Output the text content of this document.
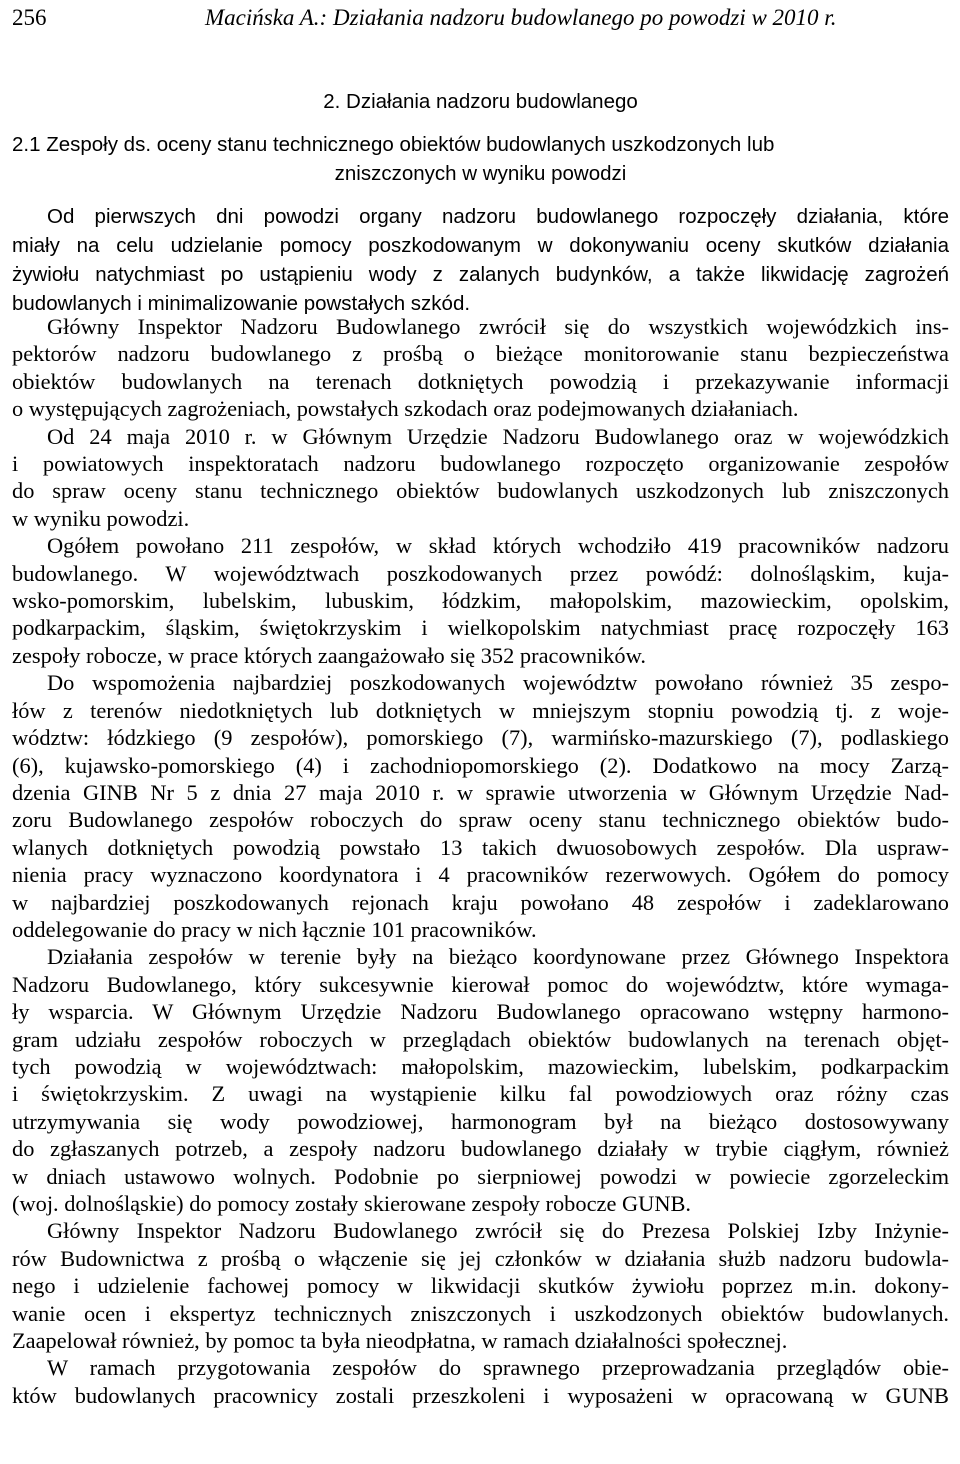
256	Macińska A.: Działania nadzoru budowlanego po powodzi w 2010 r.
2. Działania nadzoru budowlanego
2.1 Zespoły ds. oceny stanu technicznego obiektów budowlanych uszkodzonych lub
zniszczonych w wyniku powodzi
Od pierwszych dni powodzi organy nadzoru budowlanego rozpoczęły działania, które
miały na celu udzielanie pomocy poszkodowanym w dokonywaniu oceny skutków działania
żywiołu natychmiast po ustąpieniu wody z zalanych budynków, a także likwidację zagrożeń
budowlanych i minimalizowanie powstałych szkód.

Główny Inspektor Nadzoru Budowlanego zwrócił się do wszystkich wojewódzkich ins-
pektorów nadzoru budowlanego z prośbą o bieżące monitorowanie stanu bezpieczeństwa
obiektów budowlanych na terenach dotkniętych powodzią i przekazywanie informacji
o występujących zagrożeniach, powstałych szkodach oraz podejmowanych działaniach.

Od 24 maja 2010 r. w Głównym Urzędzie Nadzoru Budowlanego oraz w wojewódzkich
i powiatowych inspektoratach nadzoru budowlanego rozpoczęto organizowanie zespołów
do spraw oceny stanu technicznego obiektów budowlanych uszkodzonych lub zniszczonych
w wyniku powodzi.

Ogółem powołano 211 zespołów, w skład których wchodziło 419 pracowników nadzoru
budowlanego. W województwach poszkodowanych przez powódź: dolnośląskim, kuja-
wsko-pomorskim, lubelskim, lubuskim, łódzkim, małopolskim, mazowieckim, opolskim,
podkarpackim, śląskim, świętokrzyskim i wielkopolskim natychmiast pracę rozpoczęły 163
zespoły robocze, w prace których zaangażowało się 352 pracowników.

Do wspomożenia najbardziej poszkodowanych województw powołano również 35 zespo-
łów z terenów niedotkniętych lub dotkniętych w mniejszym stopniu powodzią tj. z woje-
wództw: łódzkiego (9 zespołów), pomorskiego (7), warmińsko-mazurskiego (7), podlaskiego
(6), kujawsko-pomorskiego (4) i zachodniopomorskiego (2). Dodatkowo na mocy Zarzą-
dzenia GINB Nr 5 z dnia 27 maja 2010 r. w sprawie utworzenia w Głównym Urzędzie Nad-
zoru Budowlanego zespołów roboczych do spraw oceny stanu technicznego obiektów budo-
wlanych dotkniętych powodzią powstało 13 takich dwuosobowych zespołów. Dla uspraw-
nienia pracy wyznaczono koordynatora i 4 pracowników rezerwowych. Ogółem do pomocy
w najbardziej poszkodowanych rejonach kraju powołano 48 zespołów i zadeklarowano
oddelegowanie do pracy w nich łącznie 101 pracowników.

Działania zespołów w terenie były na bieżąco koordynowane przez Głównego Inspektora
Nadzoru Budowlanego, który sukcesywnie kierował pomoc do województw, które wymaga-
ły wsparcia. W Głównym Urzędzie Nadzoru Budowlanego opracowano wstępny harmono-
gram udziału zespołów roboczych w przeglądach obiektów budowlanych na terenach objęt-
tych powodzią w województwach: małopolskim, mazowieckim, lubelskim, podkarpackim
i świętokrzyskim. Z uwagi na wystąpienie kilku fal powodziowych oraz różny czas
utrzymywania się wody powodziowej, harmonogram był na bieżąco dostosowywany
do zgłaszanych potrzeb, a zespoły nadzoru budowlanego działały w trybie ciągłym, również
w dniach ustawowo wolnych. Podobnie po sierpniowej powodzi w powiecie zgorzeleckim
(woj. dolnośląskie) do pomocy zostały skierowane zespoły robocze GUNB.

Główny Inspektor Nadzoru Budowlanego zwrócił się do Prezesa Polskiej Izby Inżynie-
rów Budownictwa z prośbą o włączenie się jej członków w działania służb nadzoru budowla-
nego i udzielenie fachowej pomocy w likwidacji skutków żywiołu poprzez m.in. dokony-
wanie ocen i ekspertyz technicznych zniszczonych i uszkodzonych obiektów budowlanych.
Zaapelował również, by pomoc ta była nieodpłatna, w ramach działalności społecznej.

W ramach przygotowania zespołów do sprawnego przeprowadzania przeglądów obie-
któw budowlanych pracownicy zostali przeszkoleni i wyposażeni w opracowaną w GUNB
